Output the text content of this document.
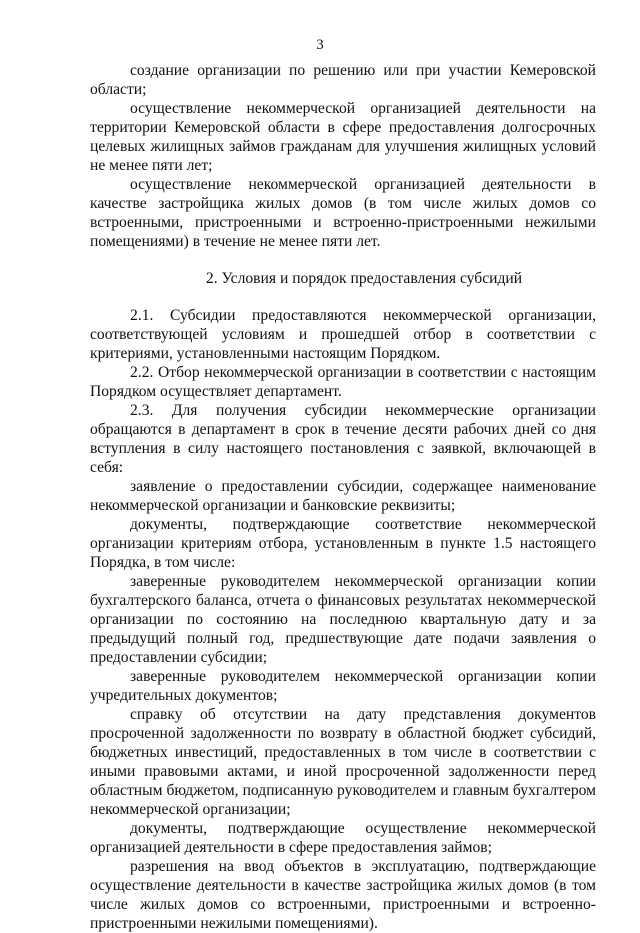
3

создание организации по решению или при участии Кемеровской области;

осуществление некоммерческой организацией деятельности на территории Кемеровской области в сфере предоставления долгосрочных целевых жилищных займов гражданам для улучшения жилищных условий не менее пяти лет;

осуществление некоммерческой организацией деятельности в качестве застройщика жилых домов (в том числе жилых домов со встроенными, пристроенными и встроенно-пристроенными нежилыми помещениями) в течение не менее пяти лет.

2. Условия и порядок предоставления субсидий

2.1. Субсидии предоставляются некоммерческой организации, соответствующей условиям и прошедшей отбор в соответствии с критериями, установленными настоящим Порядком.

2.2. Отбор некоммерческой организации в соответствии с настоящим Порядком осуществляет департамент.

2.3. Для получения субсидии некоммерческие организации обращаются в департамент в срок в течение десяти рабочих дней со дня вступления в силу настоящего постановления с заявкой, включающей в себя:

заявление о предоставлении субсидии, содержащее наименование некоммерческой организации и банковские реквизиты;

документы, подтверждающие соответствие некоммерческой организации критериям отбора, установленным в пункте 1.5 настоящего Порядка, в том числе:

заверенные руководителем некоммерческой организации копии бухгалтерского баланса, отчета о финансовых результатах некоммерческой организации по состоянию на последнюю квартальную дату и за предыдущий полный год, предшествующие дате подачи заявления о предоставлении субсидии;

заверенные руководителем некоммерческой организации копии учредительных документов;

справку об отсутствии на дату представления документов просроченной задолженности по возврату в областной бюджет субсидий, бюджетных инвестиций, предоставленных в том числе в соответствии с иными правовыми актами, и иной просроченной задолженности перед областным бюджетом, подписанную руководителем и главным бухгалтером некоммерческой организации;

документы, подтверждающие осуществление некоммерческой организацией деятельности в сфере предоставления займов;

разрешения на ввод объектов в эксплуатацию, подтверждающие осуществление деятельности в качестве застройщика жилых домов (в том числе жилых домов со встроенными, пристроенными и встроенно-пристроенными нежилыми помещениями).
